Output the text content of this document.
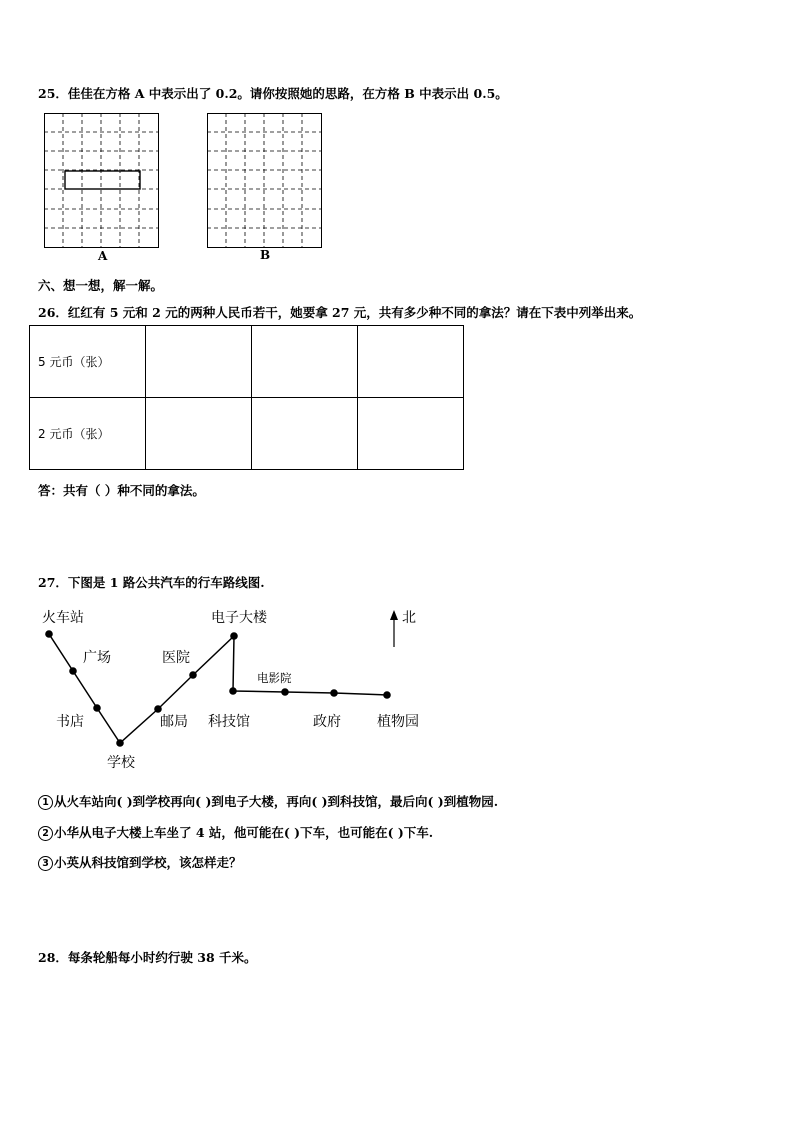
25．佳佳在方格 A 中表示出了 0.2。请你按照她的思路，在方格 B 中表示出 0.5。
A	B
六、想一想，解一解。
26．红红有 5 元和 2 元的两种人民币若干，她要拿 27 元，共有多少种不同的拿法？请在下表中列举出来。
5 元币（张）			
2 元币（张）			
答：共有（ ）种不同的拿法。
27．下图是 1 路公共汽车的行车路线图.
火车站
广场
书店
学校
邮局
医院
电子大楼
科技馆
电影院
政府	植物园
北
1 从火车站向( )到学校再向( )到电子大楼，再向( )到科技馆，最后向( )到植物园.
2 小华从电子大楼上车坐了 4 站，他可能在( )下车，也可能在( )下车.
3 小英从科技馆到学校，该怎样走？
28．每条轮船每小时约行驶 38 千米。
